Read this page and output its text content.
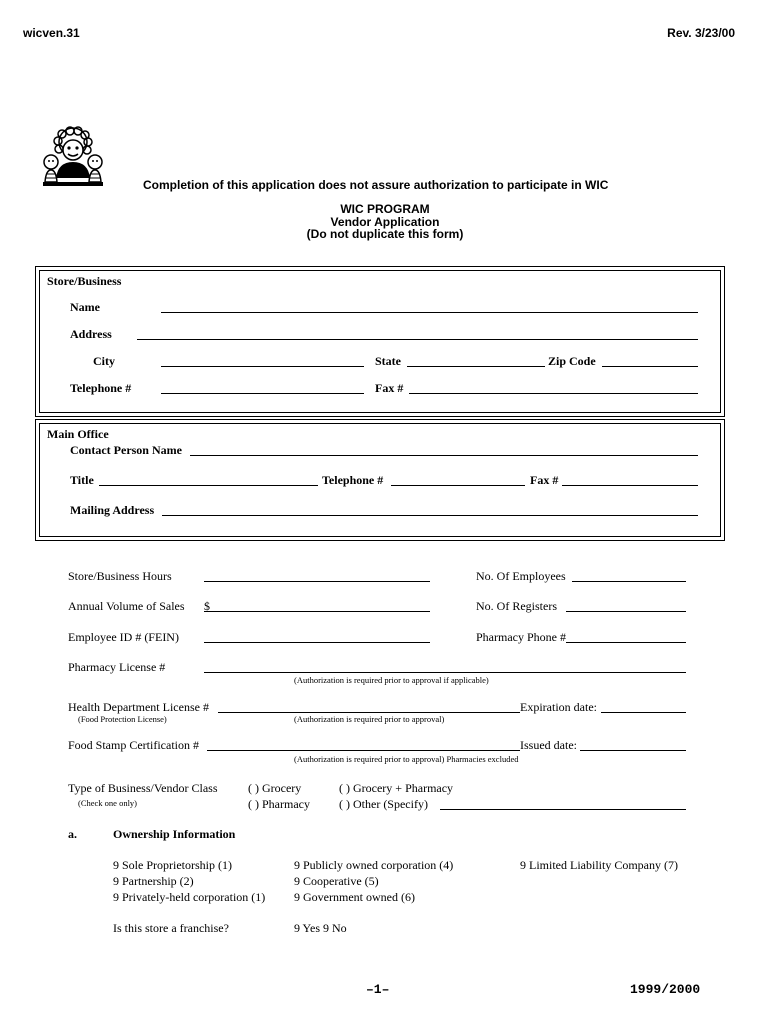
wicven.31	Rev. 3/23/00
Completion of this application does not assure authorization to participate in WIC
WIC PROGRAM
Vendor Application
(Do not duplicate this form)
Store/Business
Name
Address
City	State	Zip Code
Telephone #	Fax #
Main Office
Contact Person Name
Title	Telephone #	Fax #
Mailing Address
Store/Business Hours	No. Of Employees
Annual Volume of Sales $	No. Of Registers
Employee ID # (FEIN)	Pharmacy Phone #
Pharmacy License #
(Authorization is required prior to approval if applicable)
Health Department License #	Expiration date:
(Food Protection License)	(Authorization is required prior to approval)
Food Stamp Certification #	Issued date:
(Authorization is required prior to approval) Pharmacies excluded
Type of Business/Vendor Class
(Check one only)
( ) Grocery
( ) Pharmacy
( ) Grocery + Pharmacy
( ) Other (Specify)
a.	Ownership Information
9 Sole Proprietorship (1)
9 Partnership (2)
9 Privately-held corporation (1)
9 Publicly owned corporation (4)
9 Cooperative (5)
9 Government owned (6)
9 Limited Liability Company (7)
Is this store a franchise?	9 Yes 9 No
–1–	1999/2000
